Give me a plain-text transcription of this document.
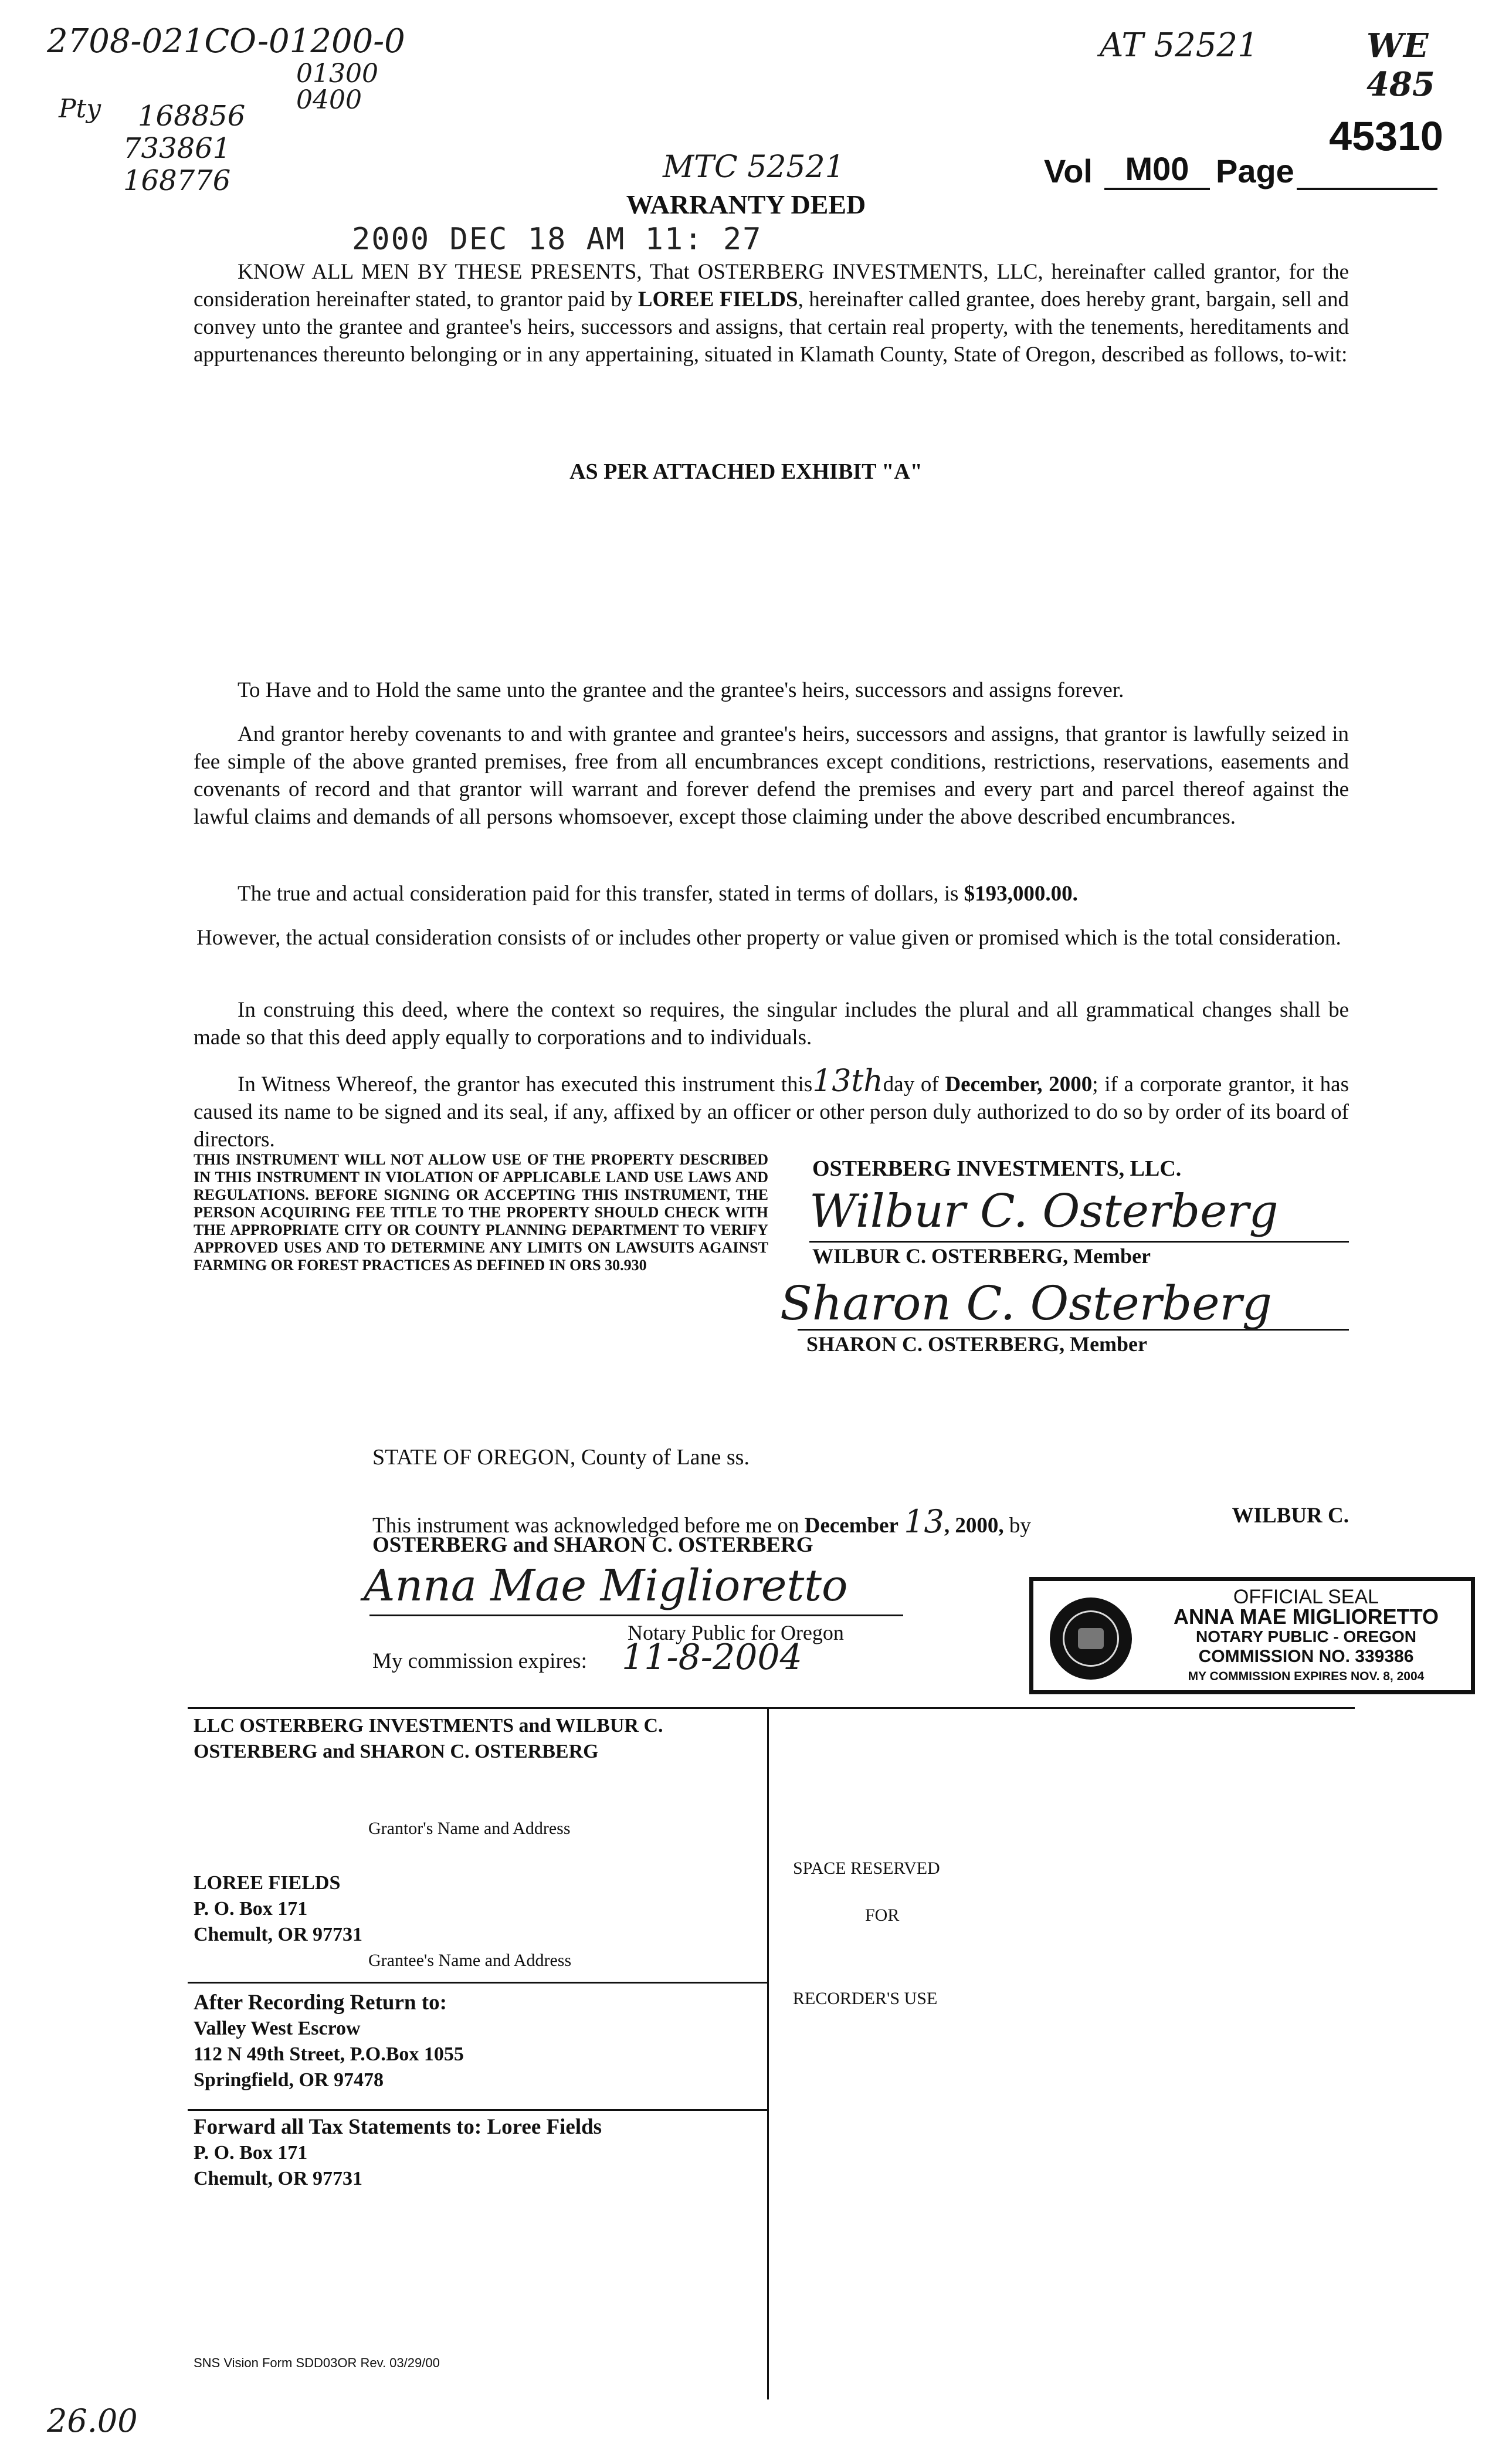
2708-021CO-01200-0
01300
0400
Pty 168856
733861
168776
AT 52521	WE 485
MTC 52521	Vol M00 Page
45310
WARRANTY DEED
2000 DEC 18 AM 11: 27
KNOW ALL MEN BY THESE PRESENTS, That OSTERBERG INVESTMENTS, LLC, hereinafter called grantor, for the consideration hereinafter stated, to grantor paid by LOREE FIELDS, hereinafter called grantee, does hereby grant, bargain, sell and convey unto the grantee and grantee's heirs, successors and assigns, that certain real property, with the tenements, hereditaments and appurtenances thereunto belonging or in any appertaining, situated in Klamath County, State of Oregon, described as follows, to-wit:
AS PER ATTACHED EXHIBIT "A"
To Have and to Hold the same unto the grantee and the grantee's heirs, successors and assigns forever.
And grantor hereby covenants to and with grantee and grantee's heirs, successors and assigns, that grantor is lawfully seized in fee simple of the above granted premises, free from all encumbrances except conditions, restrictions, reservations, easements and covenants of record and that grantor will warrant and forever defend the premises and every part and parcel thereof against the lawful claims and demands of all persons whomsoever, except those claiming under the above described encumbrances.
The true and actual consideration paid for this transfer, stated in terms of dollars, is $193,000.00.
However, the actual consideration consists of or includes other property or value given or promised which is the total consideration.
In construing this deed, where the context so requires, the singular includes the plural and all grammatical changes shall be made so that this deed apply equally to corporations and to individuals.
In Witness Whereof, the grantor has executed this instrument this13thday of December, 2000; if a corporate grantor, it has caused its name to be signed and its seal, if any, affixed by an officer or other person duly authorized to do so by order of its board of directors.
THIS INSTRUMENT WILL NOT ALLOW USE OF THE PROPERTY DESCRIBED IN THIS INSTRUMENT IN VIOLATION OF APPLICABLE LAND USE LAWS AND REGULATIONS. BEFORE SIGNING OR ACCEPTING THIS INSTRUMENT, THE PERSON ACQUIRING FEE TITLE TO THE PROPERTY SHOULD CHECK WITH THE APPROPRIATE CITY OR COUNTY PLANNING DEPARTMENT TO VERIFY APPROVED USES AND TO DETERMINE ANY LIMITS ON LAWSUITS AGAINST FARMING OR FOREST PRACTICES AS DEFINED IN ORS 30.930
OSTERBERG INVESTMENTS, LLC.
Wilbur C. Osterberg
WILBUR C. OSTERBERG, Member
Sharon C. Osterberg
SHARON C. OSTERBERG, Member
STATE OF OREGON, County of Lane ss.
This instrument was acknowledged before me on December 13, 2000, by	WILBUR C.
OSTERBERG and SHARON C. OSTERBERG
Anna Mae Miglioretto
Notary Public for Oregon
My commission expires: 11-8-2004
OFFICIAL SEAL
ANNA MAE MIGLIORETTO
NOTARY PUBLIC - OREGON
COMMISSION NO. 339386
MY COMMISSION EXPIRES NOV. 8, 2004
LLC OSTERBERG INVESTMENTS and WILBUR C.
OSTERBERG and SHARON C. OSTERBERG
Grantor's Name and Address
LOREE FIELDS
P. O. Box 171
Chemult, OR 97731
Grantee's Name and Address
After Recording Return to:
Valley West Escrow
112 N 49th Street, P.O.Box 1055
Springfield, OR 97478
Forward all Tax Statements to: Loree Fields
P. O. Box 171
Chemult, OR 97731
SPACE RESERVED
FOR
RECORDER'S USE
SNS Vision Form SDD03OR Rev. 03/29/00
26.00
